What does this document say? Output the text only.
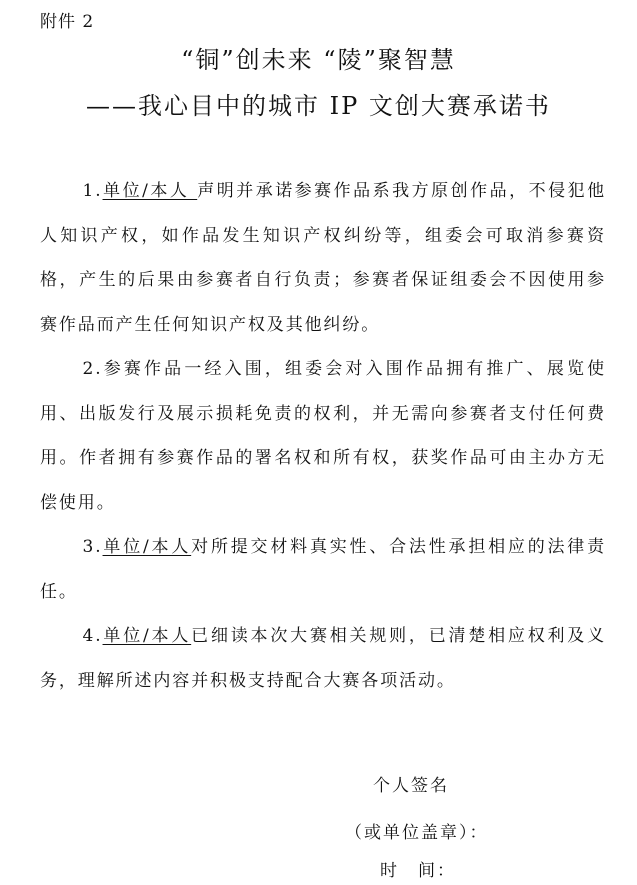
附件 2
“铜”创未来 “陵”聚智慧
——我心目中的城市 IP 文创大赛承诺书

1.单位/本人 声明并承诺参赛作品系我方原创作品，不侵犯他人知识产权，如作品发生知识产权纠纷等，组委会可取消参赛资格，产生的后果由参赛者自行负责；参赛者保证组委会不因使用参赛作品而产生任何知识产权及其他纠纷。

2.参赛作品一经入围，组委会对入围作品拥有推广、展览使用、出版发行及展示损耗免责的权利，并无需向参赛者支付任何费用。作者拥有参赛作品的署名权和所有权，获奖作品可由主办方无偿使用。

3.单位/本人对所提交材料真实性、合法性承担相应的法律责任。

4.单位/本人已细读本次大赛相关规则，已清楚相应权利及义务，理解所述内容并积极支持配合大赛各项活动。

个人签名
（或单位盖章）：
时　间：
